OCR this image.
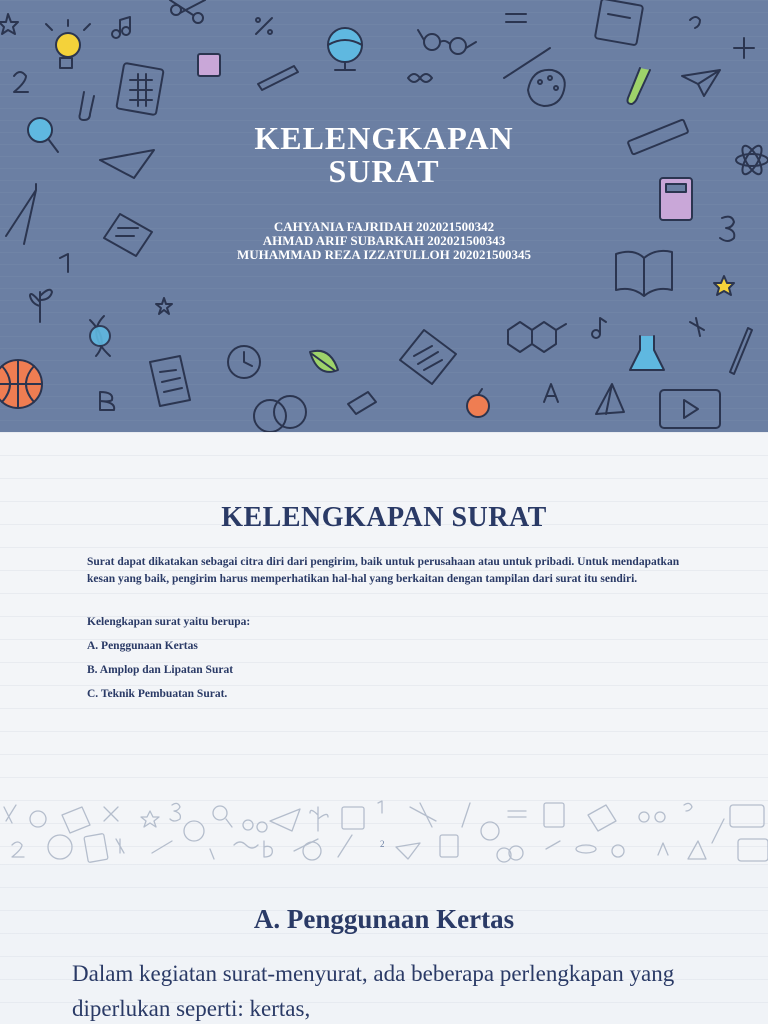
KELENGKAPAN
SURAT
CAHYANIA FAJRIDAH 202021500342
AHMAD ARIF SUBARKAH 202021500343
MUHAMMAD REZA IZZATULLOH 202021500345
KELENGKAPAN SURAT

Surat dapat dikatakan sebagai citra diri dari pengirim, baik untuk perusahaan atau untuk pribadi. Untuk mendapatkan kesan yang baik, pengirim harus memperhatikan hal-hal yang berkaitan dengan tampilan dari surat itu sendiri.

Kelengkapan surat yaitu berupa:

A. Penggunaan Kertas

B. Amplop dan Lipatan Surat

C. Teknik Pembuatan Surat.

2
A. Penggunaan Kertas

Dalam kegiatan surat-menyurat, ada beberapa perlengkapan yang diperlukan seperti: kertas,
